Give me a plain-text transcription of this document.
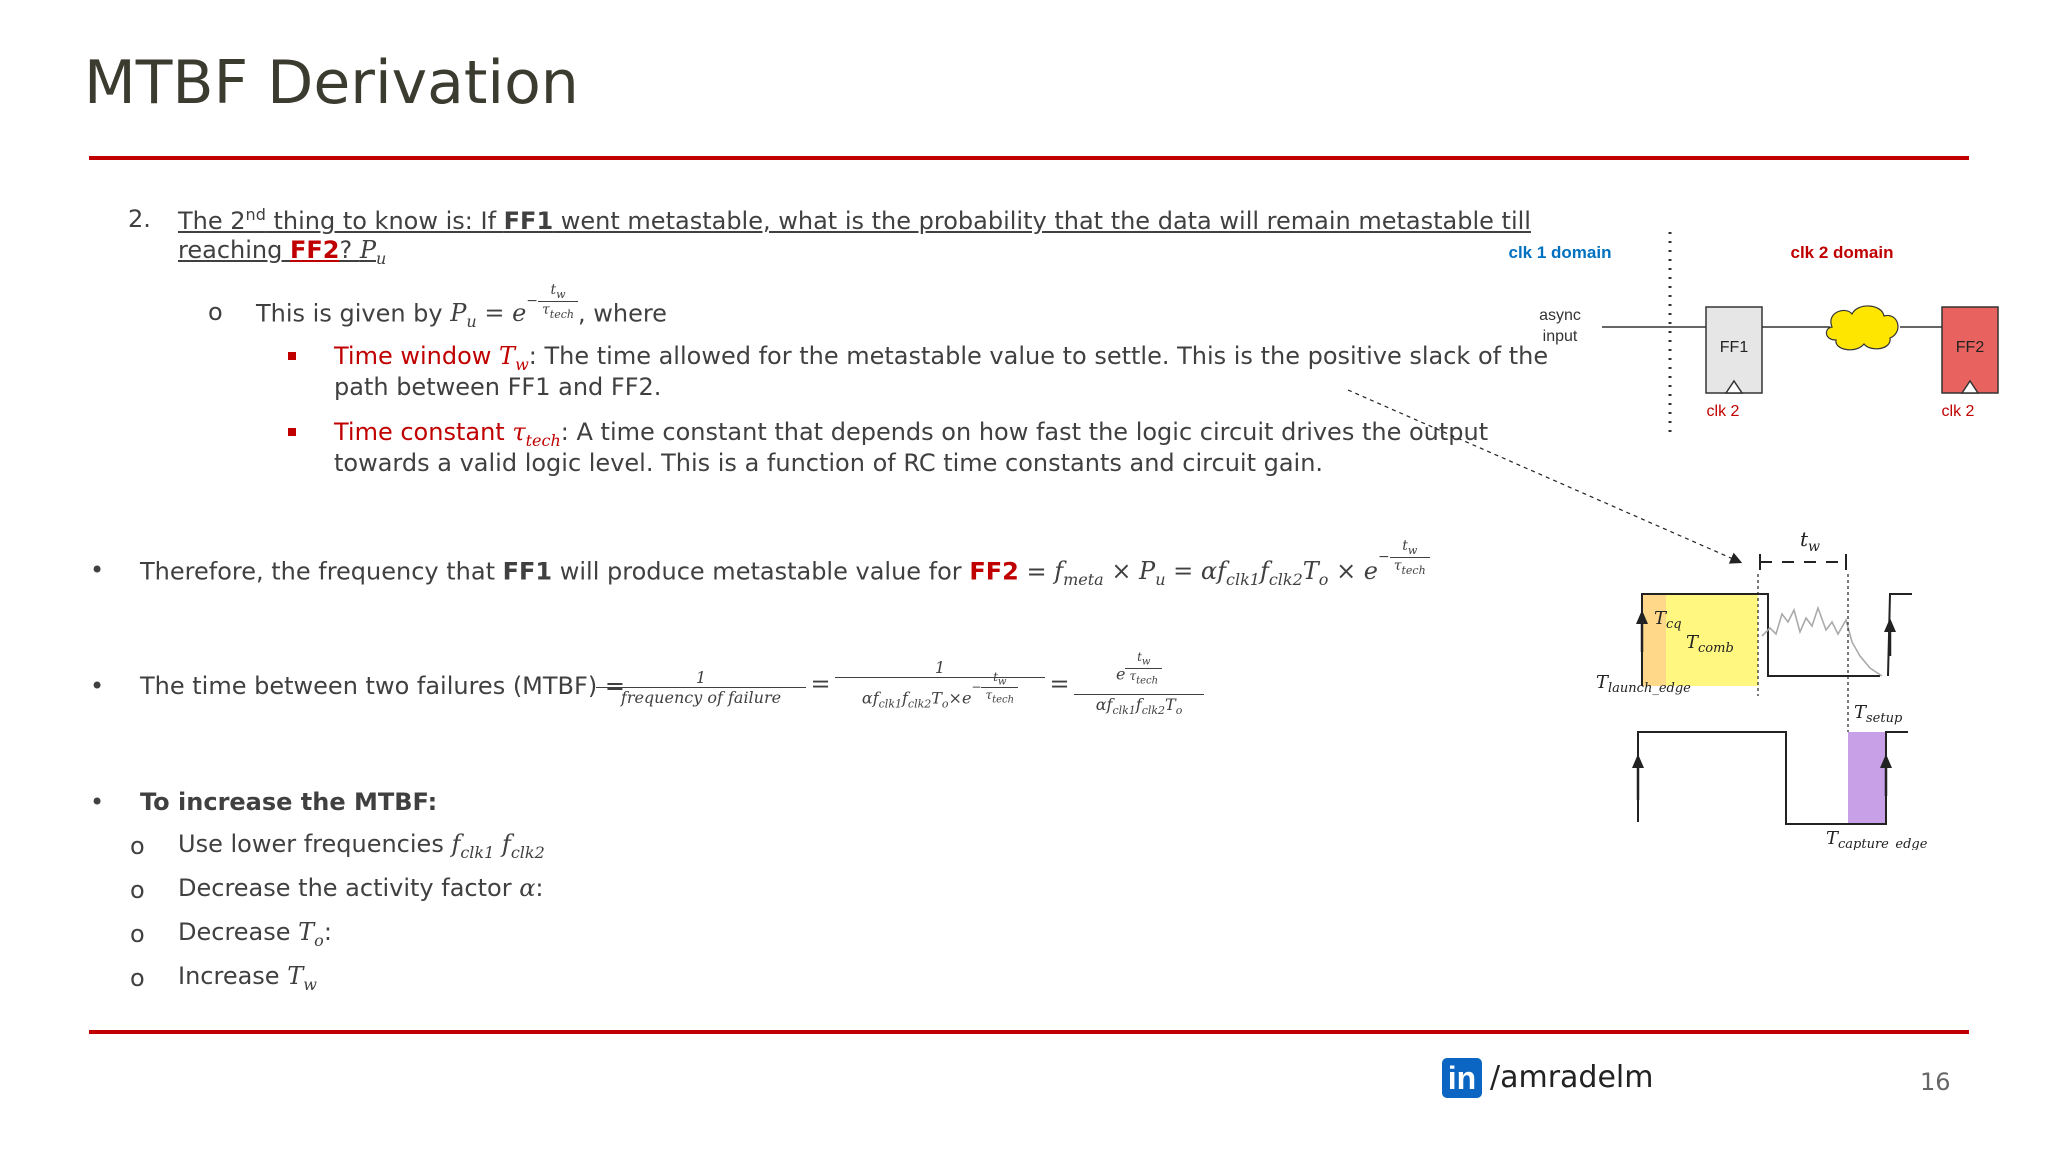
MTBF Derivation
2. The 2nd thing to know is: If FF1 went metastable, what is the probability that the data will remain metastable till
reaching FF2? $P_u$
o This is given by $P_u = e^{- \frac{t_w}{\tau_{tech}}}$ , where
Time window $T_w$: The time allowed for the metastable value to settle. This is the positive slack of the
path between FF1 and FF2.
Time constant $\tau_{tech}$: A time constant that depends on how fast the logic circuit drives the output
towards a valid logic level. This is a function of RC time constants and circuit gain.
• Therefore, the frequency that FF1 will produce metastable value for $FF2 = f_{meta} \times P_u = \alpha f_{clk1}f_{clk2}T_o \times e^{- \frac{t_w}{\tau_{tech}}}$
• The time between two failures (MTBF) =
$\frac{1}{\text{frequency of failure}} = 1$
$\alpha f_{clk1}f_{clk2}T_o\times e^{- \frac{t_w}{\tau_{tech}}} = e$ $^{\frac{t_w}{\tau_{tech}}}$
$\alpha f_{clk1}f_{clk2}T_o$
• To increase the MTBF:
o Use lower frequencies $f_{clk1}$ $f_{clk2}$
o Decrease the activity factor α:
o Decrease $T_o$:
o Increase $T_w$
clk 1 domain	clk 2 domain
async
input
FF1	FF2
clk 2	clk 2
$t_w$
$T_{cq}$
$T_{comb}$
$T_{launch\_edge}$
$T_{setup}$
$T_{capture\_edge}$
in /amradelm	16
